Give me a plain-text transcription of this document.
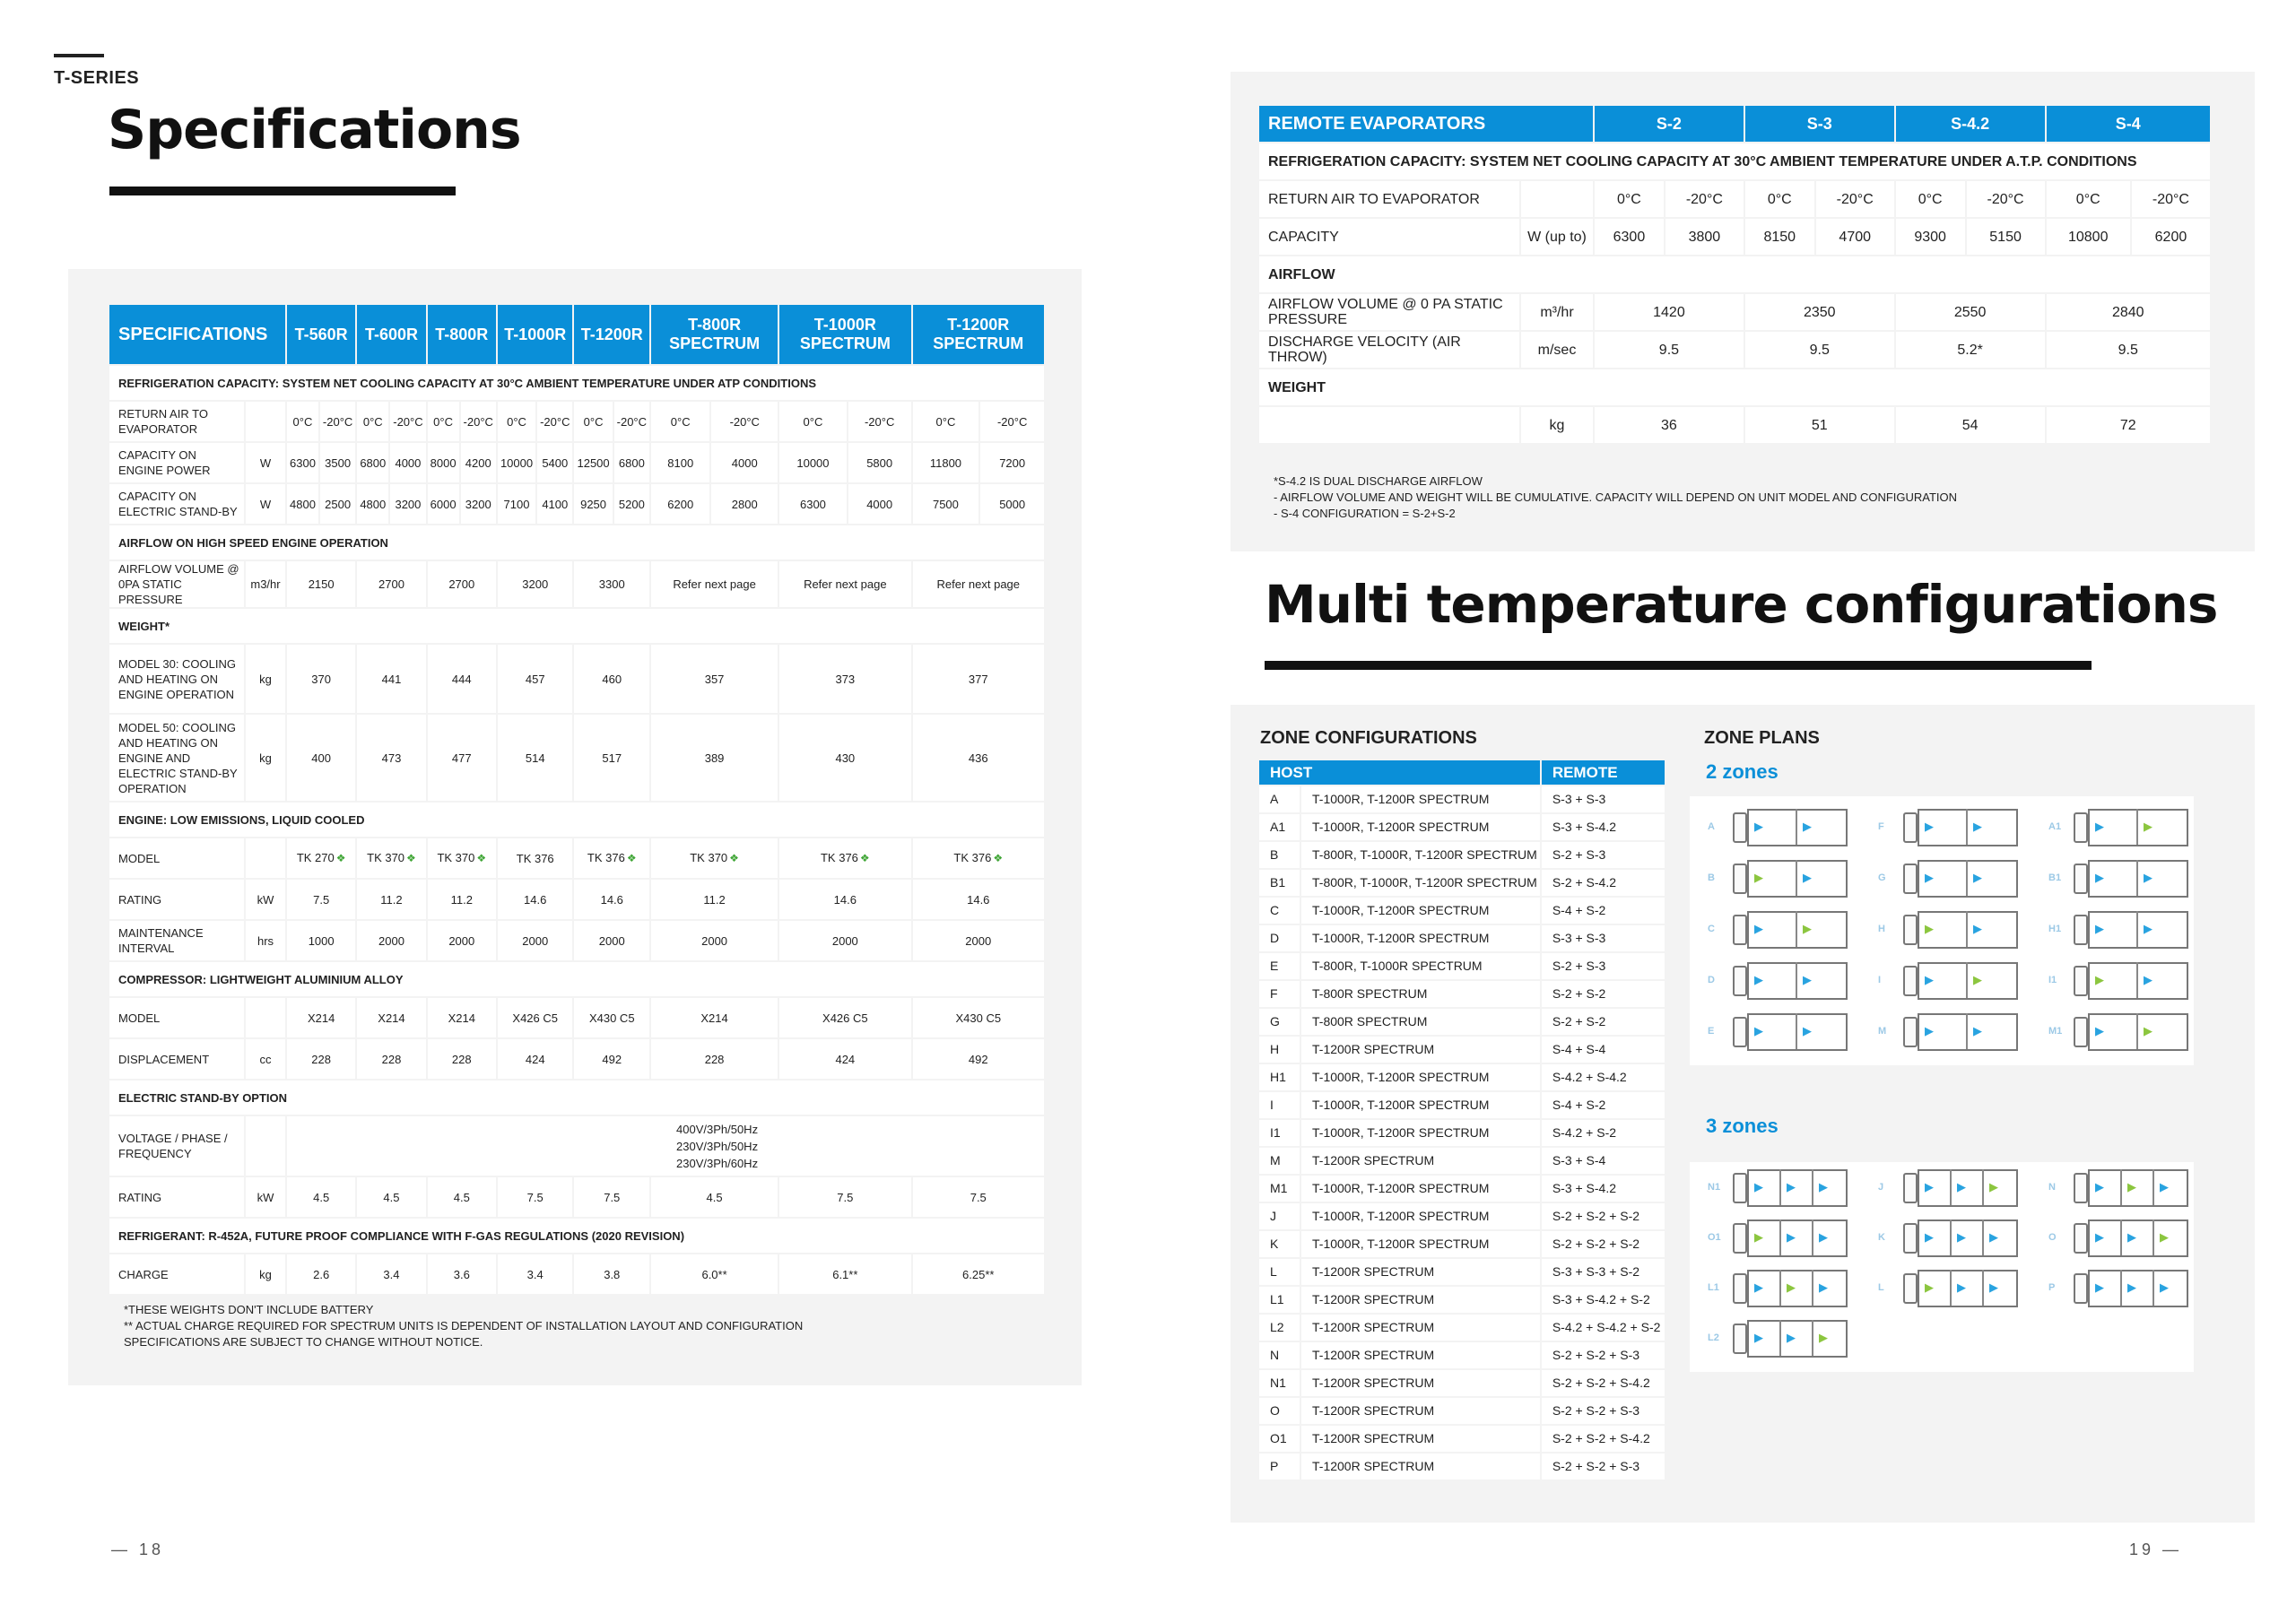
T-SERIES
Specifications
SPECIFICATIONS		T-560R		T-600R		T-800R		T-1000R		T-1200R		T-800R SPECTRUM		T-1000R SPECTRUM		T-1200R SPECTRUM	
REFRIGERATION CAPACITY: SYSTEM NET COOLING CAPACITY AT 30°C AMBIENT TEMPERATURE UNDER ATP CONDITIONS																	
RETURN AIR TO EVAPORATOR		0°C	-20°C	0°C	-20°C	0°C	-20°C	0°C	-20°C	0°C	-20°C	0°C	-20°C	0°C	-20°C	0°C	-20°C
CAPACITY ON ENGINE POWER	W	6300	3500	6800	4000	8000	4200	10000	5400	12500	6800	8100	4000	10000	5800	11800	7200
CAPACITY ON ELECTRIC STAND-BY	W	4800	2500	4800	3200	6000	3200	7100	4100	9250	5200	6200	2800	6300	4000	7500	5000
AIRFLOW ON HIGH SPEED ENGINE OPERATION																	
AIRFLOW VOLUME @ 0PA STATIC PRESSURE	m3/hr	2150		2700		2700		3200		3300		Refer next page		Refer next page		Refer next page	
WEIGHT*																	
MODEL 30: COOLING AND HEATING ON ENGINE OPERATION	kg	370		441		444		457		460		357		373		377	
MODEL 50: COOLING AND HEATING ON ENGINE AND ELECTRIC STAND-BY OPERATION	kg	400		473		477		514		517		389		430		436	
ENGINE: LOW EMISSIONS, LIQUID COOLED																	
MODEL		TK 270 ❖		TK 370 ❖		TK 370 ❖		TK 376		TK 376 ❖		TK 370 ❖		TK 376 ❖		TK 376 ❖	
RATING	kW	7.5		11.2		11.2		14.6		14.6		11.2		14.6		14.6	
MAINTENANCE INTERVAL	hrs	1000		2000		2000		2000		2000		2000		2000		2000	
COMPRESSOR: LIGHTWEIGHT ALUMINIUM ALLOY																	
MODEL		X214		X214		X214		X426 C5		X430 C5		X214		X426 C5		X430 C5	
DISPLACEMENT	cc	228		228		228		424		492		228		424		492	
ELECTRIC STAND-BY OPTION																	
VOLTAGE / PHASE / FREQUENCY		400V/3Ph/50Hz
230V/3Ph/50Hz
230V/3Ph/60Hz															

RATING	kW	4.5		4.5		4.5		7.5		7.5		4.5		7.5		7.5	
REFRIGERANT: R-452A, FUTURE PROOF COMPLIANCE WITH F-GAS REGULATIONS (2020 REVISION)																	
CHARGE	kg	2.6		3.4		3.6		3.4		3.8		6.0**		6.1**		6.25**	
*THESE WEIGHTS DON'T INCLUDE BATTERY
** ACTUAL CHARGE REQUIRED FOR SPECTRUM UNITS IS DEPENDENT OF INSTALLATION LAYOUT AND CONFIGURATION
SPECIFICATIONS ARE SUBJECT TO CHANGE WITHOUT NOTICE.
REMOTE EVAPORATORS		S-2		S-3		S-4.2		S-4	
REFRIGERATION CAPACITY: SYSTEM NET COOLING CAPACITY AT 30°C AMBIENT TEMPERATURE UNDER A.T.P. CONDITIONS									
RETURN AIR TO EVAPORATOR		0°C	-20°C	0°C	-20°C	0°C	-20°C	0°C	-20°C
CAPACITY	W (up to)	6300	3800	8150	4700	9300	5150	10800	6200
AIRFLOW									
AIRFLOW VOLUME @ 0 PA STATIC PRESSURE	m³/hr	1420		2350		2550		2840	
DISCHARGE VELOCITY (AIR THROW)	m/sec	9.5		9.5		5.2*		9.5	
WEIGHT									
	kg	36		51		54		72	
*S-4.2 IS DUAL DISCHARGE AIRFLOW
- AIRFLOW VOLUME AND WEIGHT WILL BE CUMULATIVE. CAPACITY WILL DEPEND ON UNIT MODEL AND CONFIGURATION
- S-4 CONFIGURATION = S-2+S-2
Multi temperature configurations
ZONE CONFIGURATIONS	ZONE PLANS
HOST		REMOTE
A	T-1000R, T-1200R SPECTRUM	S-3 + S-3
A1	T-1000R, T-1200R SPECTRUM	S-3 + S-4.2
B	T-800R, T-1000R, T-1200R SPECTRUM	S-2 + S-3
B1	T-800R, T-1000R, T-1200R SPECTRUM	S-2 + S-4.2
C	T-1000R, T-1200R SPECTRUM	S-4 + S-2
D	T-1000R, T-1200R SPECTRUM	S-3 + S-3
E	T-800R, T-1000R SPECTRUM	S-2 + S-3
F	T-800R SPECTRUM	S-2 + S-2
G	T-800R SPECTRUM	S-2 + S-2
H	T-1200R SPECTRUM	S-4 + S-4
H1	T-1000R, T-1200R SPECTRUM	S-4.2 + S-4.2
I	T-1000R, T-1200R SPECTRUM	S-4 + S-2
I1	T-1000R, T-1200R SPECTRUM	S-4.2 + S-2
M	T-1200R SPECTRUM	S-3 + S-4
M1	T-1000R, T-1200R SPECTRUM	S-3 + S-4.2
J	T-1000R, T-1200R SPECTRUM	S-2 + S-2 + S-2
K	T-1000R, T-1200R SPECTRUM	S-2 + S-2 + S-2
L	T-1200R SPECTRUM	S-3 + S-3 + S-2
L1	T-1200R SPECTRUM	S-3 + S-4.2 + S-2
L2	T-1200R SPECTRUM	S-4.2 + S-4.2 + S-2
N	T-1200R SPECTRUM	S-2 + S-2 + S-3
N1	T-1200R SPECTRUM	S-2 + S-2 + S-4.2
O	T-1200R SPECTRUM	S-2 + S-2 + S-3
O1	T-1200R SPECTRUM	S-2 + S-2 + S-4.2
P	T-1200R SPECTRUM	S-2 + S-2 + S-3
2 zones
3 zones
A	▶	▶	F	▶	▶	A1	▶	▶
B	▶	▶	G	▶	▶	B1	▶	▶
C	▶	▶	H	▶	▶	H1	▶	▶
D	▶	▶	I	▶	▶	I1	▶	▶
E	▶	▶	M	▶	▶	M1	▶	▶
N1	▶ ▶ ▶	J	▶ ▶ ▶	N	▶ ▶ ▶
O1	▶ ▶ ▶	K	▶ ▶ ▶	O	▶ ▶ ▶
L1	▶ ▶ ▶	L	▶ ▶ ▶	P	▶ ▶ ▶
L2	▶ ▶ ▶
— 18	19 —
